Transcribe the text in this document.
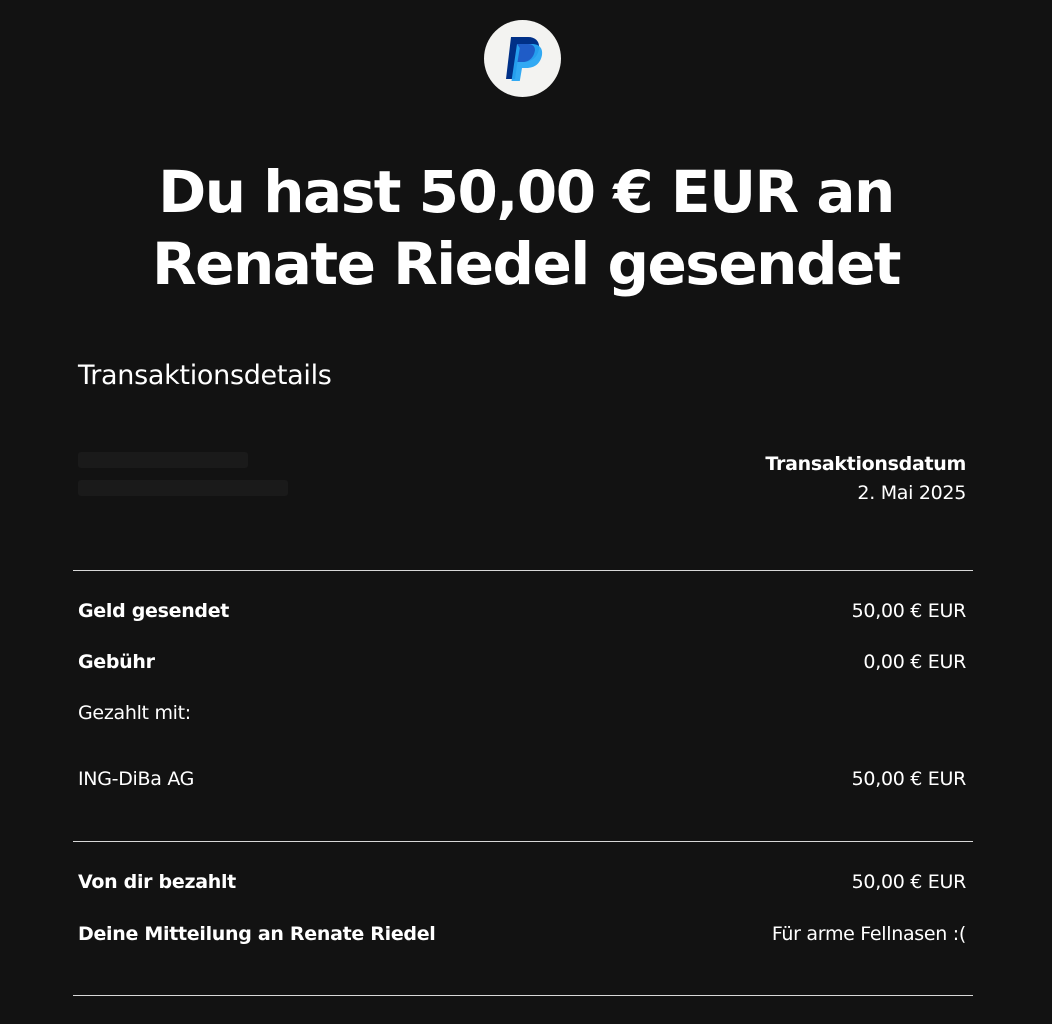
Du hast 50,00 € EUR an
Renate Riedel gesendet
Transaktionsdetails
Transaktionsdatum
2. Mai 2025
Geld gesendet	50,00 € EUR
Gebühr	0,00 € EUR
Gezahlt mit:
ING-DiBa AG	50,00 € EUR
Von dir bezahlt	50,00 € EUR
Deine Mitteilung an Renate Riedel	Für arme Fellnasen :(
